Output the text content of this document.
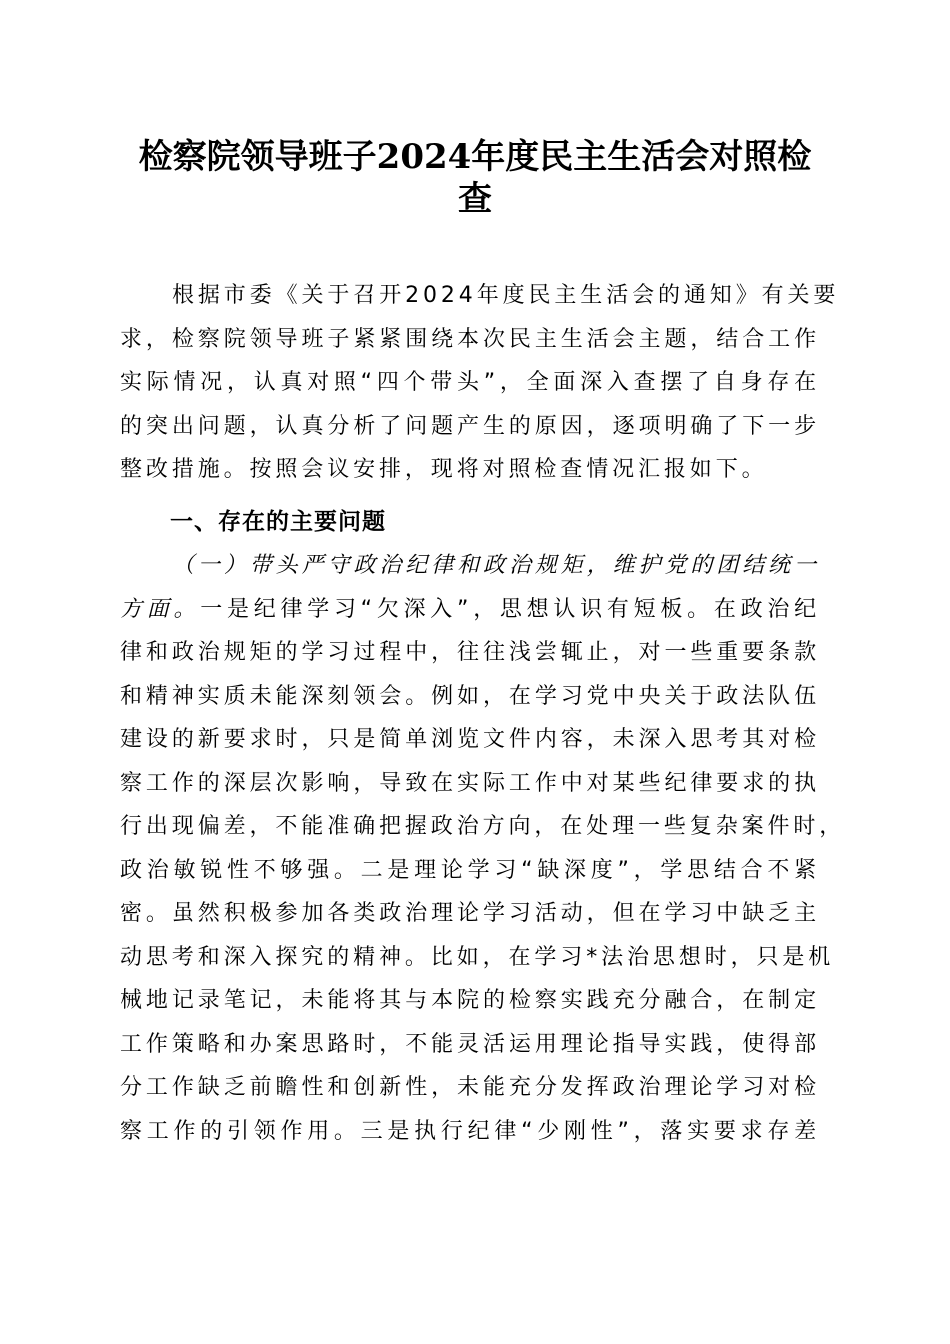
检察院领导班子2024年度民主生活会对照检
查
根据市委《关于召开2024年度民主生活会的通知》有关要
求，检察院领导班子紧紧围绕本次民主生活会主题，结合工作
实际情况，认真对照“四个带头”，全面深入查摆了自身存在
的突出问题，认真分析了问题产生的原因，逐项明确了下一步
整改措施。按照会议安排，现将对照检查情况汇报如下。
一、存在的主要问题
（一）带头严守政治纪律和政治规矩，维护党的团结统一
方面。一是纪律学习“欠深入”，思想认识有短板。在政治纪
律和政治规矩的学习过程中，往往浅尝辄止，对一些重要条款
和精神实质未能深刻领会。例如，在学习党中央关于政法队伍
建设的新要求时，只是简单浏览文件内容，未深入思考其对检
察工作的深层次影响，导致在实际工作中对某些纪律要求的执
行出现偏差，不能准确把握政治方向，在处理一些复杂案件时，
政治敏锐性不够强。二是理论学习“缺深度”，学思结合不紧
密。虽然积极参加各类政治理论学习活动，但在学习中缺乏主
动思考和深入探究的精神。比如，在学习*法治思想时，只是机
械地记录笔记，未能将其与本院的检察实践充分融合，在制定
工作策略和办案思路时，不能灵活运用理论指导实践，使得部
分工作缺乏前瞻性和创新性，未能充分发挥政治理论学习对检
察工作的引领作用。三是执行纪律“少刚性”，落实要求存差
